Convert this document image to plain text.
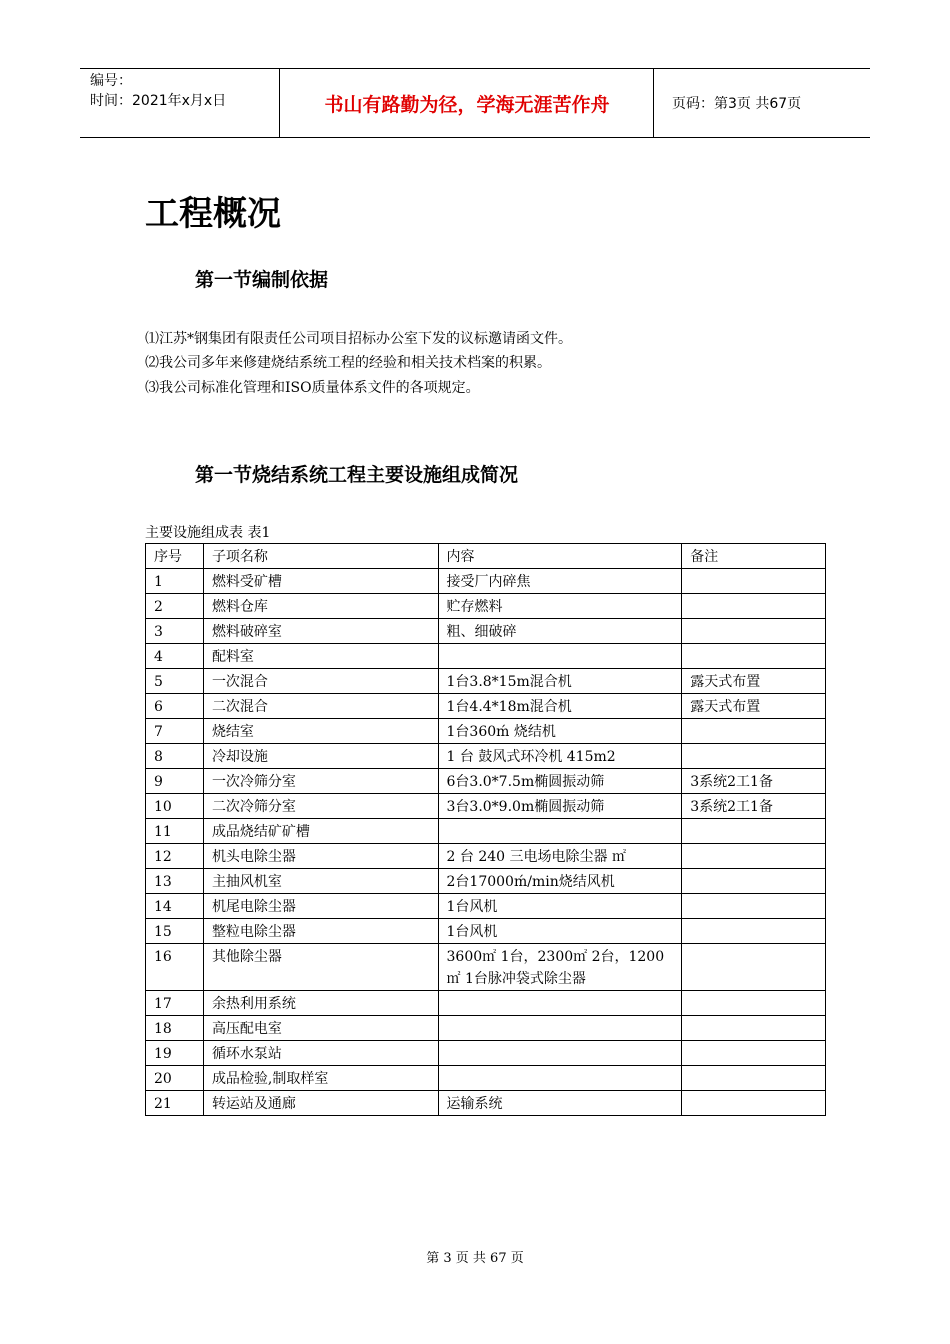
编号：
时间：2021年x月x日	书山有路勤为径，学海无涯苦作舟	页码：第3页 共67页
工程概况
第一节编制依据
⑴江苏*钢集团有限责任公司项目招标办公室下发的议标邀请函文件。
⑵我公司多年来修建烧结系统工程的经验和相关技术档案的积累。
⑶我公司标准化管理和ISO质量体系文件的各项规定。
第一节烧结系统工程主要设施组成简况
主要设施组成表 表1
序号	子项名称	内容	备注
1	燃料受矿槽	接受厂内碎焦	
2	燃料仓库	贮存燃料	
3	燃料破碎室	粗、细破碎	
4	配料室		
5	一次混合	1台3.8*15m混合机	露天式布置
6	二次混合	1台4.4*18m混合机	露天式布置
7	烧结室	1台360ḿ 烧结机	
8	冷却设施	1 台 鼓风式环冷机 415m2	
9	一次冷筛分室	6台3.0*7.5m椭圆振动筛	3系统2工1备
10	二次冷筛分室	3台3.0*9.0m椭圆振动筛	3系统2工1备
11	成品烧结矿矿槽		
12	机头电除尘器	2 台 240 三电场电除尘器 ㎡	
13	主抽风机室	2台17000ḿ/min烧结风机	
14	机尾电除尘器	1台风机	
15	整粒电除尘器	1台风机	
16	其他除尘器	3600㎡ 1台，2300㎡ 2台，1200㎡ 1台脉冲袋式除尘器	
17	余热利用系统		
18	高压配电室		
19	循环水泵站		
20	成品检验,制取样室		
21	转运站及通廊	运输系统	
第 3 页 共 67 页
